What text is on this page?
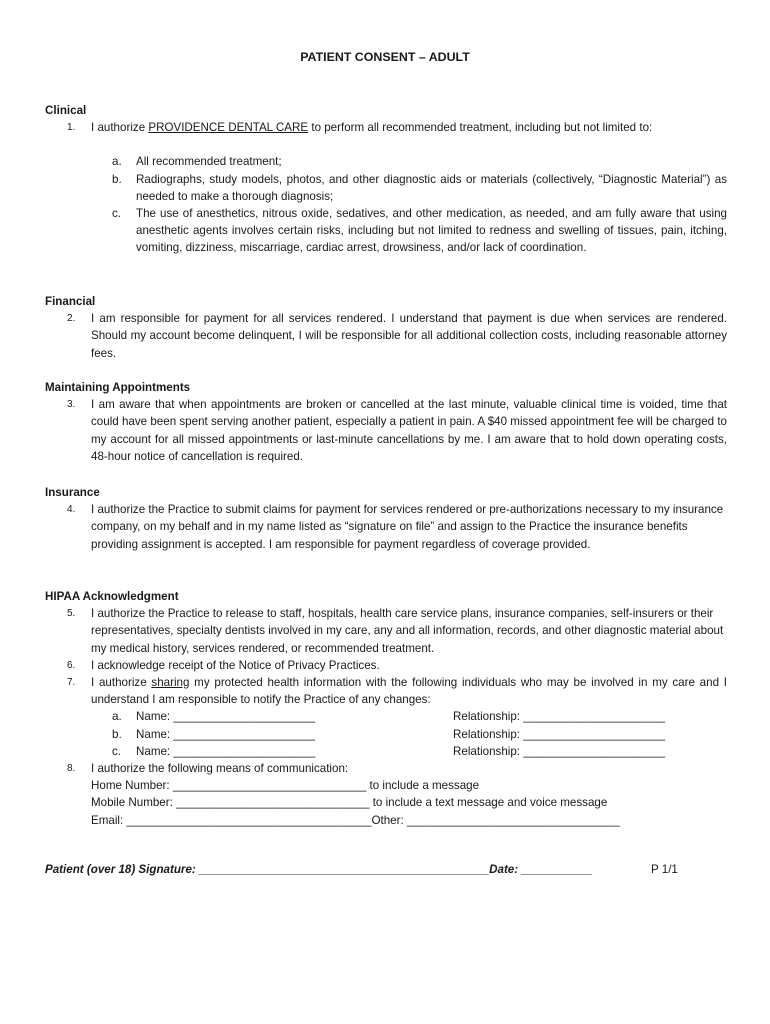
PATIENT CONSENT – ADULT
Clinical
1. I authorize PROVIDENCE DENTAL CARE to perform all recommended treatment, including but not limited to:
a. All recommended treatment;
b. Radiographs, study models, photos, and other diagnostic aids or materials (collectively, “Diagnostic Material”) as needed to make a thorough diagnosis;
c. The use of anesthetics, nitrous oxide, sedatives, and other medication, as needed, and am fully aware that using anesthetic agents involves certain risks, including but not limited to redness and swelling of tissues, pain, itching, vomiting, dizziness, miscarriage, cardiac arrest, drowsiness, and/or lack of coordination.
Financial
2. I am responsible for payment for all services rendered. I understand that payment is due when services are rendered. Should my account become delinquent, I will be responsible for all additional collection costs, including reasonable attorney fees.
Maintaining Appointments
3. I am aware that when appointments are broken or cancelled at the last minute, valuable clinical time is voided, time that could have been spent serving another patient, especially a patient in pain. A $40 missed appointment fee will be charged to my account for all missed appointments or last-minute cancellations by me. I am aware that to hold down operating costs, 48-hour notice of cancellation is required.
Insurance
4. I authorize the Practice to submit claims for payment for services rendered or pre-authorizations necessary to my insurance company, on my behalf and in my name listed as “signature on file” and assign to the Practice the insurance benefits providing assignment is accepted. I am responsible for payment regardless of coverage provided.
HIPAA Acknowledgment
5. I authorize the Practice to release to staff, hospitals, health care service plans, insurance companies, self-insurers or their representatives, specialty dentists involved in my care, any and all information, records, and other diagnostic material about my medical history, services rendered, or recommended treatment.
6. I acknowledge receipt of the Notice of Privacy Practices.
7. I authorize sharing my protected health information with the following individuals who may be involved in my care and I understand I am responsible to notify the Practice of any changes:
a. Name: ______________________	Relationship: ______________________
b. Name: ______________________	Relationship: ______________________
c. Name: ______________________	Relationship: ______________________
8. I authorize the following means of communication:
Home Number: ______________________________ to include a message
Mobile Number: ______________________________ to include a text message and voice message
Email: ______________________________________Other: _________________________________
Patient (over 18) Signature: _____________________________________________Date: ___________	P 1/1
